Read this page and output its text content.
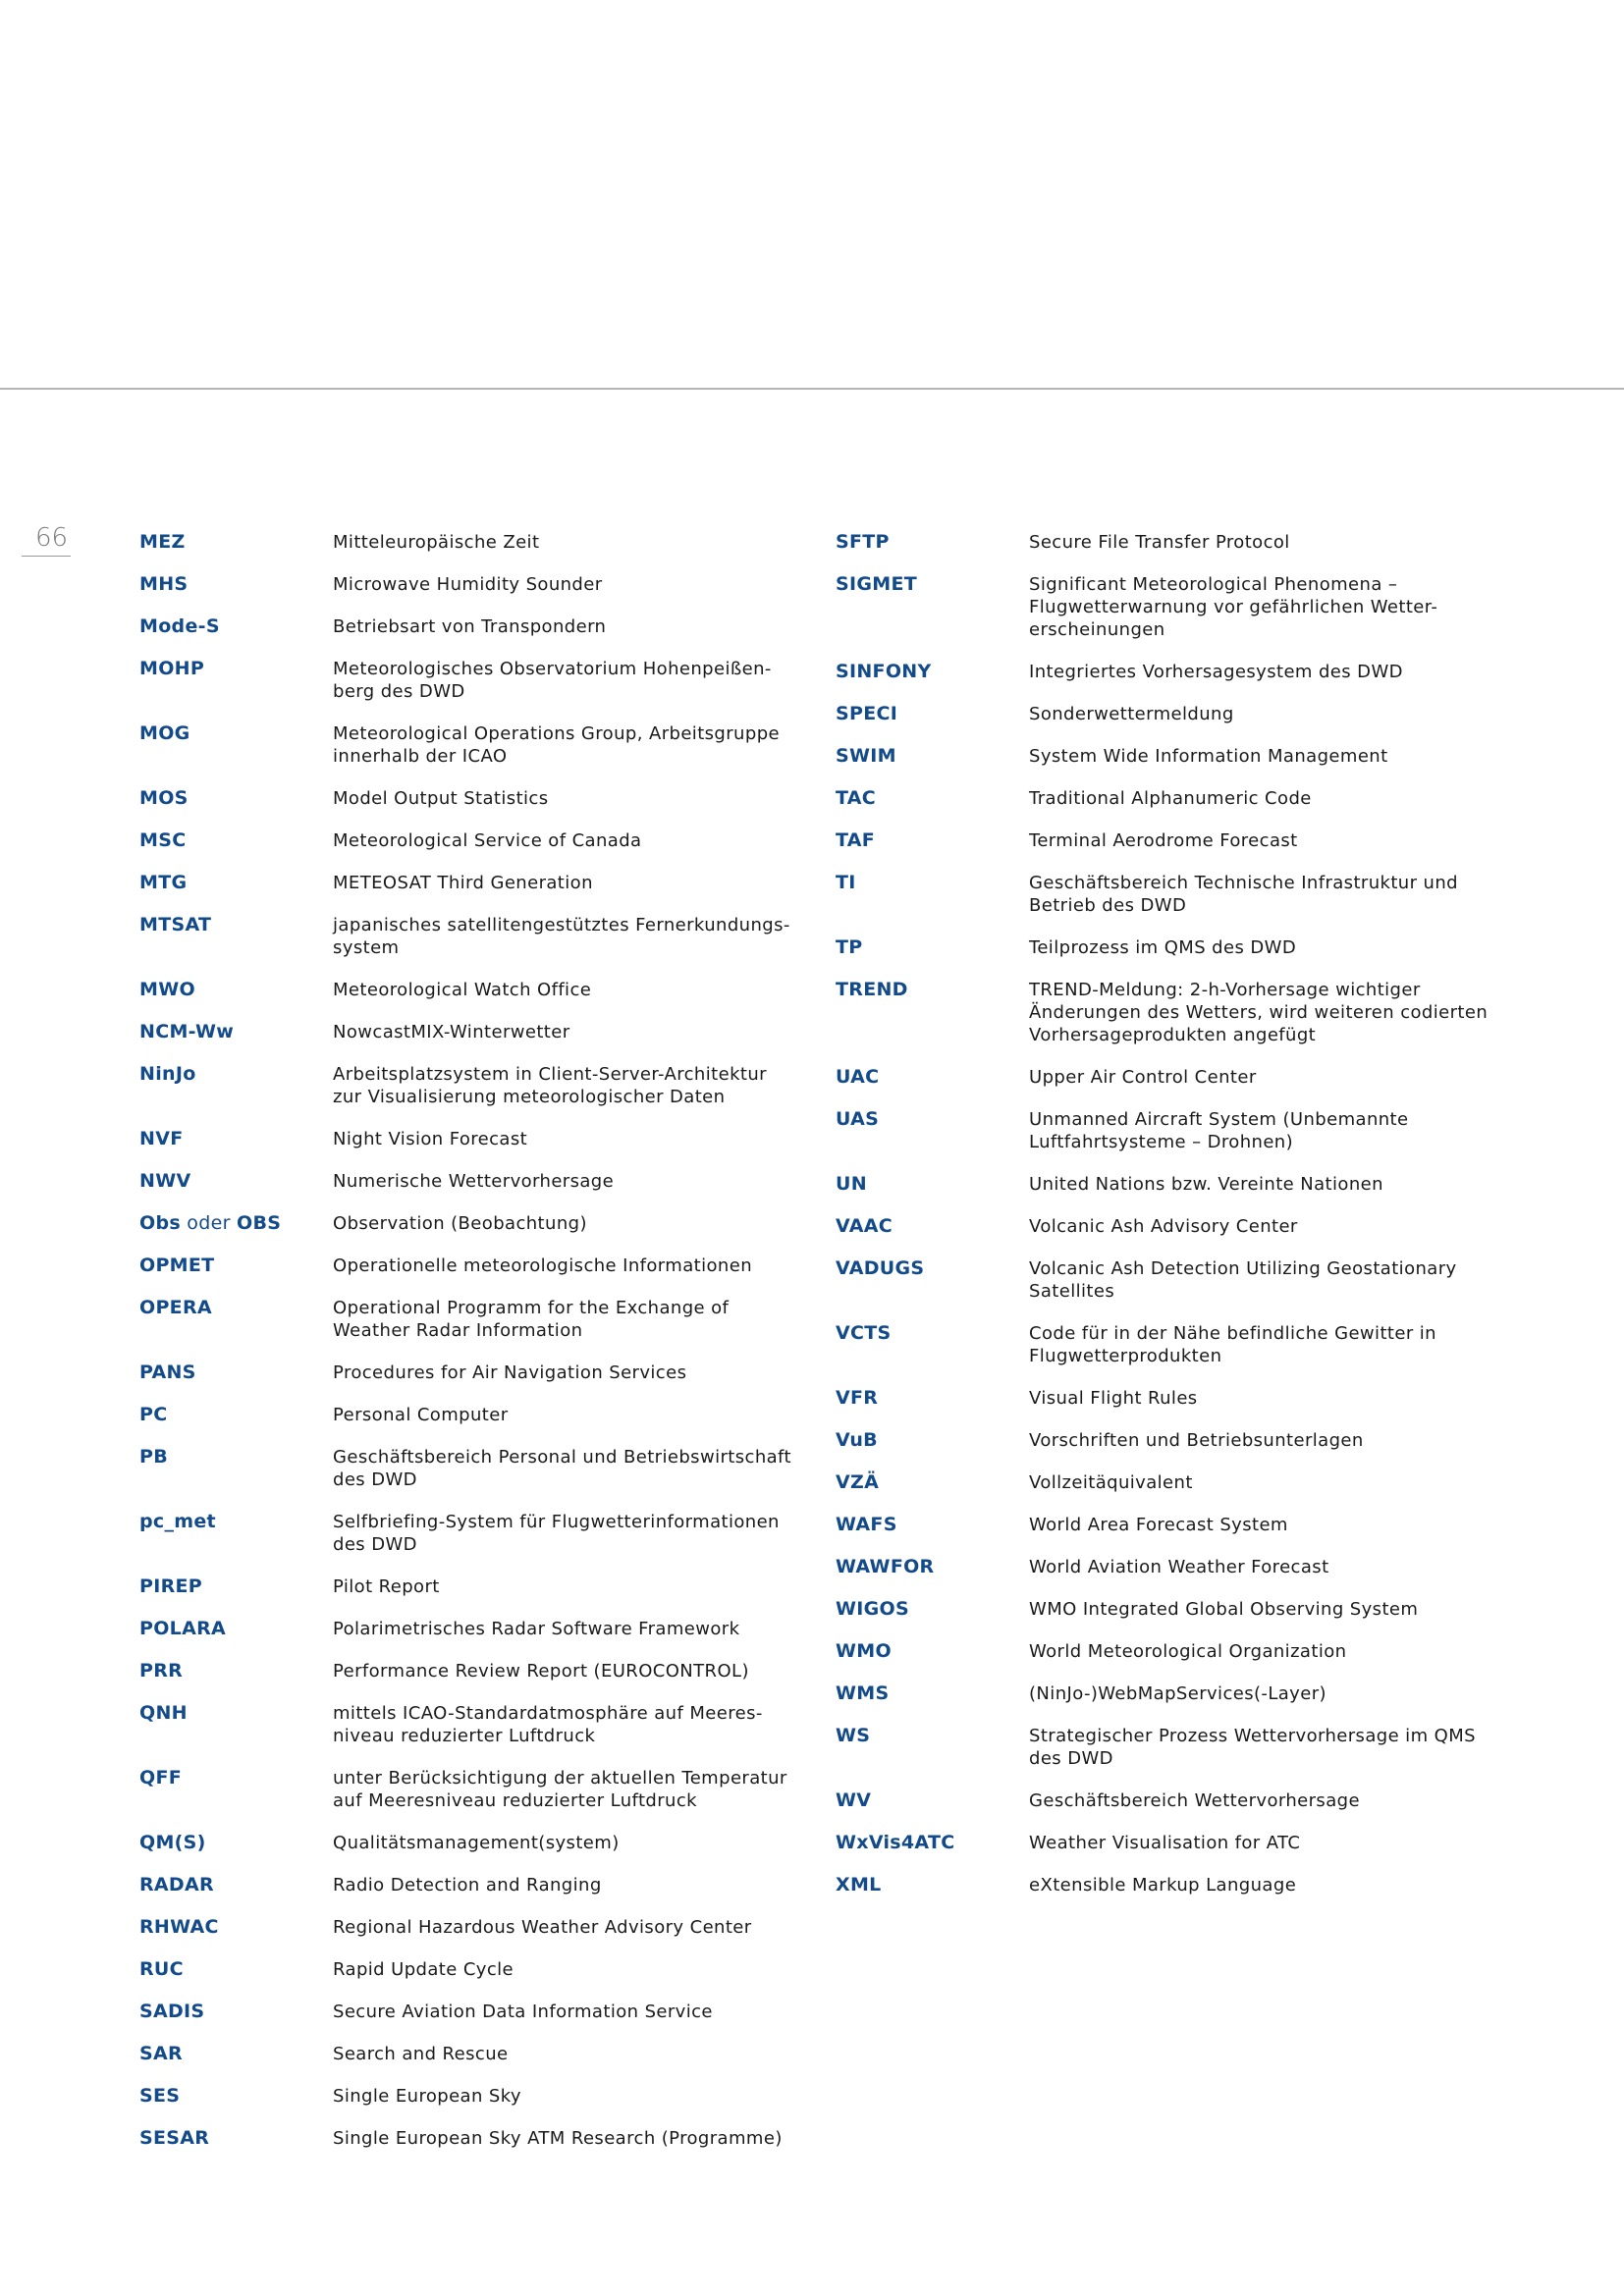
66	MEZ	Mitteleuropäische Zeit
MHS	Microwave Humidity Sounder
Mode-S	Betriebsart von Transpondern
MOHP	Meteorologisches Observatorium Hohenpeißen-
berg des DWD
MOG	Meteorological Operations Group, Arbeitsgruppe
innerhalb der ICAO
MOS	Model Output Statistics
MSC	Meteorological Service of Canada
MTG	METEOSAT Third Generation
MTSAT	japanisches satellitengestütztes Fernerkundungs-
system
MWO	Meteorological Watch Office
NCM-Ww	NowcastMIX-Winterwetter
NinJo	Arbeitsplatzsystem in Client-Server-Architektur
zur Visualisierung meteorologischer Daten
NVF	Night Vision Forecast
NWV	Numerische Wettervorhersage
Obs oder OBS	Observation (Beobachtung)
OPMET	Operationelle meteorologische Informationen
OPERA	Operational Programm for the Exchange of
Weather Radar Information
PANS	Procedures for Air Navigation Services
PC	Personal Computer
PB	Geschäftsbereich Personal und Betriebswirtschaft
des DWD
pc_met	Selfbriefing-System für Flugwetterinformationen
des DWD
PIREP	Pilot Report
POLARA	Polarimetrisches Radar Software Framework
PRR	Performance Review Report (EUROCONTROL)
QNH	mittels ICAO-Standardatmosphäre auf Meeres-
niveau reduzierter Luftdruck
QFF	unter Berücksichtigung der aktuellen Temperatur
auf Meeresniveau reduzierter Luftdruck
QM(S)	Qualitätsmanagement(system)
RADAR	Radio Detection and Ranging
RHWAC	Regional Hazardous Weather Advisory Center
RUC	Rapid Update Cycle
SADIS	Secure Aviation Data Information Service
SAR	Search and Rescue
SES	Single European Sky
SESAR	Single European Sky ATM Research (Programme)
SFTP	Secure File Transfer Protocol
SIGMET	Significant Meteorological Phenomena –
Flugwetterwarnung vor gefährlichen Wetter-
erscheinungen
SINFONY	Integriertes Vorhersagesystem des DWD
SPECI	Sonderwettermeldung
SWIM	System Wide Information Management
TAC	Traditional Alphanumeric Code
TAF	Terminal Aerodrome Forecast
TI	Geschäftsbereich Technische Infrastruktur und
Betrieb des DWD
TP	Teilprozess im QMS des DWD
TREND	TREND-Meldung: 2-h-Vorhersage wichtiger
Änderungen des Wetters, wird weiteren codierten
Vorhersageprodukten angefügt
UAC	Upper Air Control Center
UAS	Unmanned Aircraft System (Unbemannte
Luftfahrtsysteme – Drohnen)
UN	United Nations bzw. Vereinte Nationen
VAAC	Volcanic Ash Advisory Center
VADUGS	Volcanic Ash Detection Utilizing Geostationary
Satellites
VCTS	Code für in der Nähe befindliche Gewitter in
Flugwetterprodukten
VFR	Visual Flight Rules
VuB	Vorschriften und Betriebsunterlagen
VZÄ	Vollzeitäquivalent
WAFS	World Area Forecast System
WAWFOR	World Aviation Weather Forecast
WIGOS	WMO Integrated Global Observing System
WMO	World Meteorological Organization
WMS	(NinJo-)WebMapServices(-Layer)
WS	Strategischer Prozess Wettervorhersage im QMS
des DWD
WV	Geschäftsbereich Wettervorhersage
WxVis4ATC	Weather Visualisation for ATC
XML	eXtensible Markup Language
